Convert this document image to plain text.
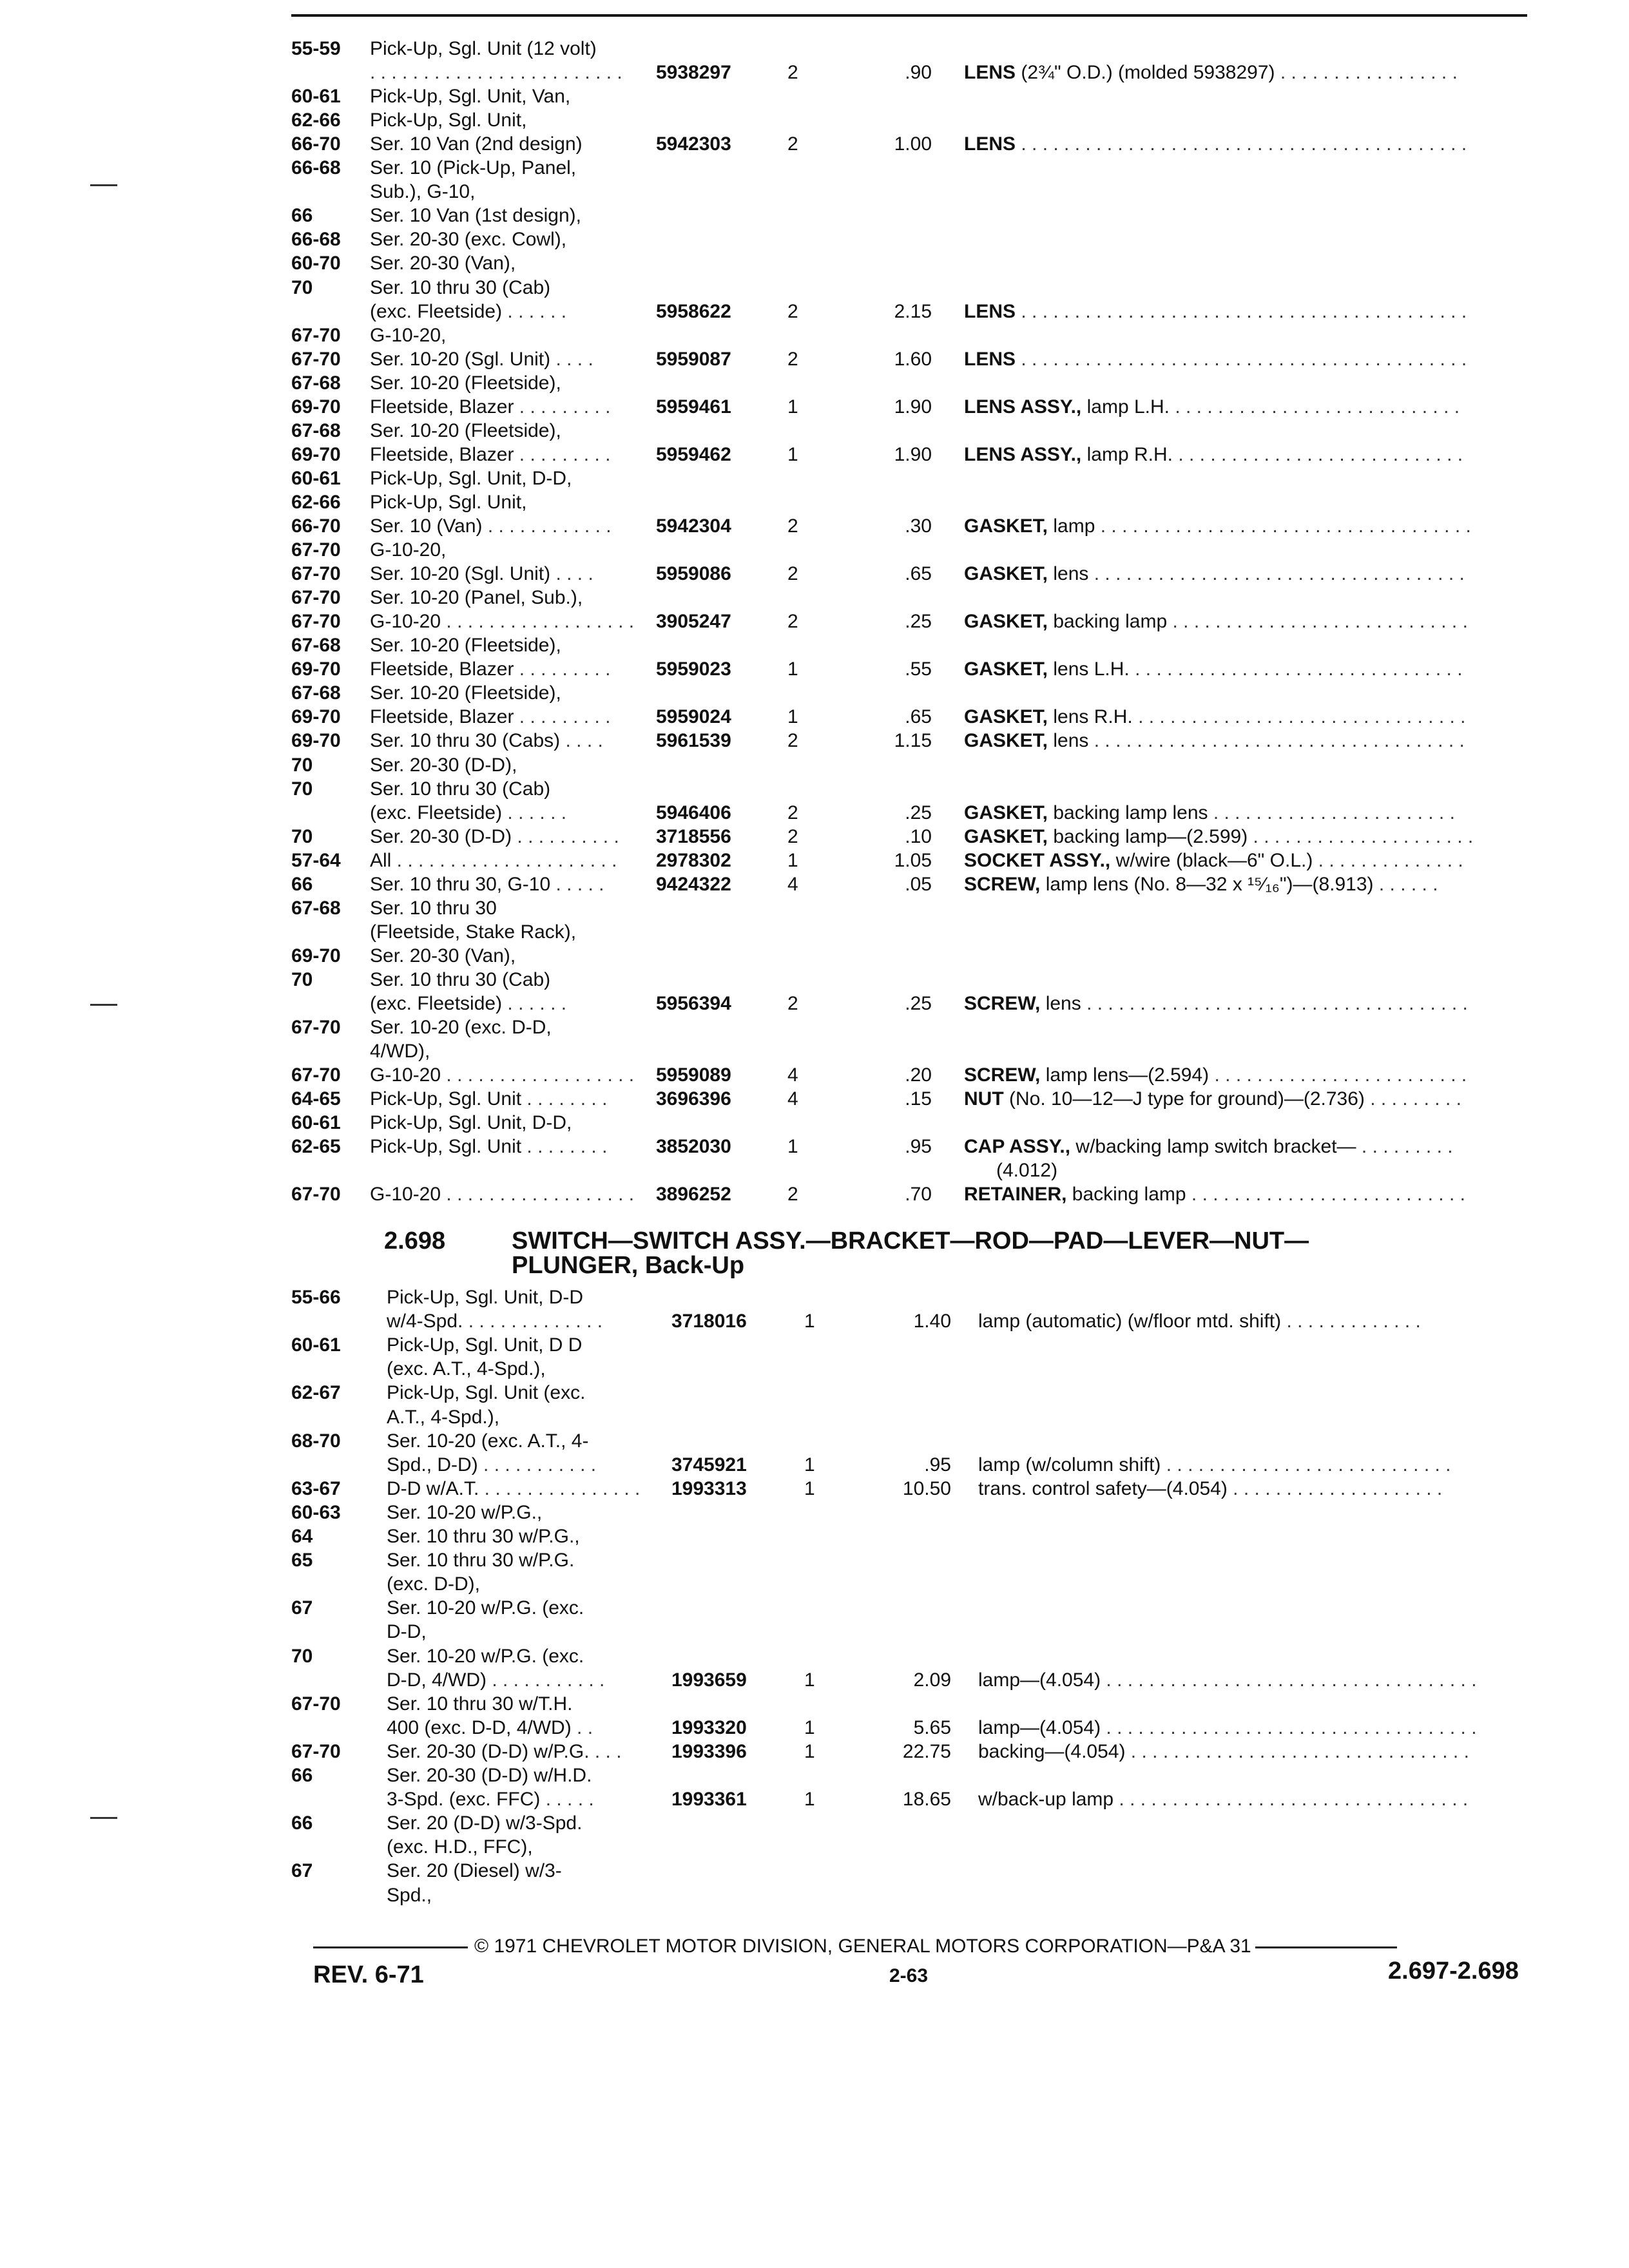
55-59 Pick-Up, Sgl. Unit (12 volt)
. . . . . . . . . . . . . . . . . . . . . . . . 5938297	2	.90 LENS (2¾" O.D.) (molded 5938297) . . . . . . . . . . . . . . . . .
60-61 Pick-Up, Sgl. Unit, Van,
62-66 Pick-Up, Sgl. Unit,
66-70 Ser. 10 Van (2nd design)	5942303	2	1.00 LENS . . . . . . . . . . . . . . . . . . . . . . . . . . . . . . . . . . . . . . . . . .
66-68 Ser. 10 (Pick-Up, Panel,
Sub.), G-10,
66	Ser. 10 Van (1st design),
66-68 Ser. 20-30 (exc. Cowl),
60-70 Ser. 20-30 (Van),
70	Ser. 10 thru 30 (Cab)
(exc. Fleetside) . . . . . .	5958622	2	2.15 LENS . . . . . . . . . . . . . . . . . . . . . . . . . . . . . . . . . . . . . . . . . .
67-70 G-10-20,
67-70 Ser. 10-20 (Sgl. Unit) . . . .	5959087	2	1.60 LENS . . . . . . . . . . . . . . . . . . . . . . . . . . . . . . . . . . . . . . . . . .
67-68 Ser. 10-20 (Fleetside),
69-70 Fleetside, Blazer . . . . . . . . . 5959461	1	1.90 LENS ASSY., lamp L.H. . . . . . . . . . . . . . . . . . . . . . . . . . . .
67-68 Ser. 10-20 (Fleetside),
69-70 Fleetside, Blazer . . . . . . . . . 5959462	1	1.90 LENS ASSY., lamp R.H. . . . . . . . . . . . . . . . . . . . . . . . . . . .
60-61 Pick-Up, Sgl. Unit, D-D,
62-66 Pick-Up, Sgl. Unit,
66-70 Ser. 10 (Van) . . . . . . . . . . . . 5942304	2	.30 GASKET, lamp . . . . . . . . . . . . . . . . . . . . . . . . . . . . . . . . . . .
67-70 G-10-20,
67-70 Ser. 10-20 (Sgl. Unit) . . . .	5959086	2	.65 GASKET, lens . . . . . . . . . . . . . . . . . . . . . . . . . . . . . . . . . . .
67-70 Ser. 10-20 (Panel, Sub.),
67-70 G-10-20 . . . . . . . . . . . . . . . . . . 3905247	2	.25 GASKET, backing lamp . . . . . . . . . . . . . . . . . . . . . . . . . . . .
67-68 Ser. 10-20 (Fleetside),
69-70 Fleetside, Blazer . . . . . . . . . 5959023	1	.55 GASKET, lens L.H. . . . . . . . . . . . . . . . . . . . . . . . . . . . . . . .
67-68 Ser. 10-20 (Fleetside),
69-70 Fleetside, Blazer . . . . . . . . . 5959024	1	.65 GASKET, lens R.H. . . . . . . . . . . . . . . . . . . . . . . . . . . . . . . .
69-70 Ser. 10 thru 30 (Cabs) . . . .	5961539	2	1.15 GASKET, lens . . . . . . . . . . . . . . . . . . . . . . . . . . . . . . . . . . .
70	Ser. 20-30 (D-D),
70	Ser. 10 thru 30 (Cab)
(exc. Fleetside) . . . . . .	5946406	2	.25 GASKET, backing lamp lens . . . . . . . . . . . . . . . . . . . . . . .
70	Ser. 20-30 (D-D) . . . . . . . . . . 3718556	2	.10 GASKET, backing lamp—(2.599) . . . . . . . . . . . . . . . . . . . . .
57-64 All . . . . . . . . . . . . . . . . . . . . . 2978302	1	1.05 SOCKET ASSY., w/wire (black—6" O.L.) . . . . . . . . . . . . . .
66	Ser. 10 thru 30, G-10 . . . . .	9424322	4	.05 SCREW, lamp lens (No. 8—32 x ¹⁵⁄₁₆")—(8.913) . . . . . .
67-68 Ser. 10 thru 30
(Fleetside, Stake Rack),
69-70 Ser. 20-30 (Van),
70	Ser. 10 thru 30 (Cab)
(exc. Fleetside) . . . . . .	5956394	2	.25 SCREW, lens . . . . . . . . . . . . . . . . . . . . . . . . . . . . . . . . . . . .
67-70 Ser. 10-20 (exc. D-D,
4/WD),
67-70 G-10-20 . . . . . . . . . . . . . . . . . . 5959089	4	.20 SCREW, lamp lens—(2.594) . . . . . . . . . . . . . . . . . . . . . . . .
64-65 Pick-Up, Sgl. Unit . . . . . . . .	3696396	4	.15 NUT (No. 10—12—J type for ground)—(2.736) . . . . . . . . .
60-61 Pick-Up, Sgl. Unit, D-D,
62-65 Pick-Up, Sgl. Unit . . . . . . . .	3852030	1	.95 CAP ASSY., w/backing lamp switch bracket— . . . . . . . . .
(4.012)
67-70 G-10-20 . . . . . . . . . . . . . . . . . . 3896252	2	.70 RETAINER, backing lamp . . . . . . . . . . . . . . . . . . . . . . . . . .
2.698	SWITCH—SWITCH ASSY.—BRACKET—ROD—PAD—LEVER—NUT—
PLUNGER, Back-Up
55-66 Pick-Up, Sgl. Unit, D-D
w/4-Spd. . . . . . . . . . . . . .	3718016	1	1.40 lamp (automatic) (w/floor mtd. shift) . . . . . . . . . . . . .
60-61 Pick-Up, Sgl. Unit, D D
(exc. A.T., 4-Spd.),
62-67 Pick-Up, Sgl. Unit (exc.
A.T., 4-Spd.),
68-70 Ser. 10-20 (exc. A.T., 4-
Spd., D-D) . . . . . . . . . . .	3745921	1	.95 lamp (w/column shift) . . . . . . . . . . . . . . . . . . . . . . . . . . .
63-67 D-D w/A.T. . . . . . . . . . . . . . . . 1993313	1	10.50 trans. control safety—(4.054) . . . . . . . . . . . . . . . . . . . .
60-63 Ser. 10-20 w/P.G.,
64	Ser. 10 thru 30 w/P.G.,
65	Ser. 10 thru 30 w/P.G.
(exc. D-D),
67	Ser. 10-20 w/P.G. (exc.
D-D,
70	Ser. 10-20 w/P.G. (exc.
D-D, 4/WD) . . . . . . . . . . .	1993659	1	2.09 lamp—(4.054) . . . . . . . . . . . . . . . . . . . . . . . . . . . . . . . . . . .
67-70 Ser. 10 thru 30 w/T.H.
400 (exc. D-D, 4/WD) . .	1993320	1	5.65 lamp—(4.054) . . . . . . . . . . . . . . . . . . . . . . . . . . . . . . . . . . .
67-70 Ser. 20-30 (D-D) w/P.G. . . .	1993396	1	22.75 backing—(4.054) . . . . . . . . . . . . . . . . . . . . . . . . . . . . . . . .
66	Ser. 20-30 (D-D) w/H.D.
3-Spd. (exc. FFC) . . . . .	1993361	1	18.65 w/back-up lamp . . . . . . . . . . . . . . . . . . . . . . . . . . . . . . . . .
66	Ser. 20 (D-D) w/3-Spd.
(exc. H.D., FFC),
67	Ser. 20 (Diesel) w/3-
Spd.,
© 1971 CHEVROLET MOTOR DIVISION, GENERAL MOTORS CORPORATION—P&A 31
REV. 6-71	2-63	2.697-2.698
